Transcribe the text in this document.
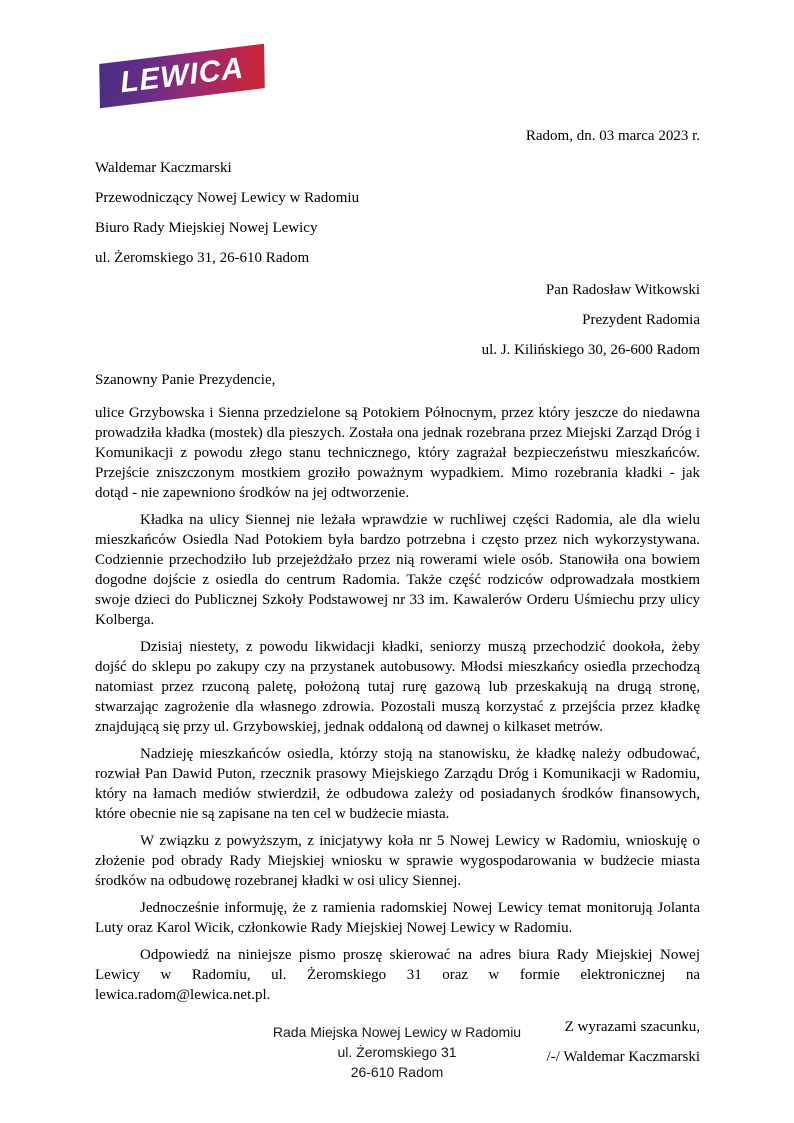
LEWICA

Radom, dn. 03 marca 2023 r.

Waldemar Kaczmarski

Przewodniczący Nowej Lewicy w Radomiu

Biuro Rady Miejskiej Nowej Lewicy

ul. Żeromskiego 31, 26-610 Radom

Pan Radosław Witkowski

Prezydent Radomia

ul. J. Kilińskiego 30, 26-600 Radom

Szanowny Panie Prezydencie,

ulice Grzybowska i Sienna przedzielone są Potokiem Północnym, przez który jeszcze do niedawna prowadziła kładka (mostek) dla pieszych. Została ona jednak rozebrana przez Miejski Zarząd Dróg i Komunikacji z powodu złego stanu technicznego, który zagrażał bezpieczeństwu mieszkańców. Przejście zniszczonym mostkiem groziło poważnym wypadkiem. Mimo rozebrania kładki - jak dotąd - nie zapewniono środków na jej odtworzenie.

Kładka na ulicy Siennej nie leżała wprawdzie w ruchliwej części Radomia, ale dla wielu mieszkańców Osiedla Nad Potokiem była bardzo potrzebna i często przez nich wykorzystywana. Codziennie przechodziło lub przejeżdżało przez nią rowerami wiele osób. Stanowiła ona bowiem dogodne dojście z osiedla do centrum Radomia. Także część rodziców odprowadzała mostkiem swoje dzieci do Publicznej Szkoły Podstawowej nr 33 im. Kawalerów Orderu Uśmiechu przy ulicy Kolberga.

Dzisiaj niestety, z powodu likwidacji kładki, seniorzy muszą przechodzić dookoła, żeby dojść do sklepu po zakupy czy na przystanek autobusowy. Młodsi mieszkańcy osiedla przechodzą natomiast przez rzuconą paletę, położoną tutaj rurę gazową lub przeskakują na drugą stronę, stwarzając zagrożenie dla własnego zdrowia. Pozostali muszą korzystać z przejścia przez kładkę znajdującą się przy ul. Grzybowskiej, jednak oddaloną od dawnej o kilkaset metrów.

Nadzieję mieszkańców osiedla, którzy stoją na stanowisku, że kładkę należy odbudować, rozwiał Pan Dawid Puton, rzecznik prasowy Miejskiego Zarządu Dróg i Komunikacji w Radomiu, który na łamach mediów stwierdził, że odbudowa zależy od posiadanych środków finansowych, które obecnie nie są zapisane na ten cel w budżecie miasta.

W związku z powyższym, z inicjatywy koła nr 5 Nowej Lewicy w Radomiu, wnioskuję o złożenie pod obrady Rady Miejskiej wniosku w sprawie wygospodarowania w budżecie miasta środków na odbudowę rozebranej kładki w osi ulicy Siennej.

Jednocześnie informuję, że z ramienia radomskiej Nowej Lewicy temat monitorują Jolanta Luty oraz Karol Wicik, członkowie Rady Miejskiej Nowej Lewicy w Radomiu.

Odpowiedź na niniejsze pismo proszę skierować na adres biura Rady Miejskiej Nowej Lewicy w Radomiu, ul. Żeromskiego 31 oraz w formie elektronicznej na lewica.radom@lewica.net.pl.

Z wyrazami szacunku,

/-/ Waldemar Kaczmarski

Rada Miejska Nowej Lewicy w Radomiu

ul. Żeromskiego 31

26-610 Radom
